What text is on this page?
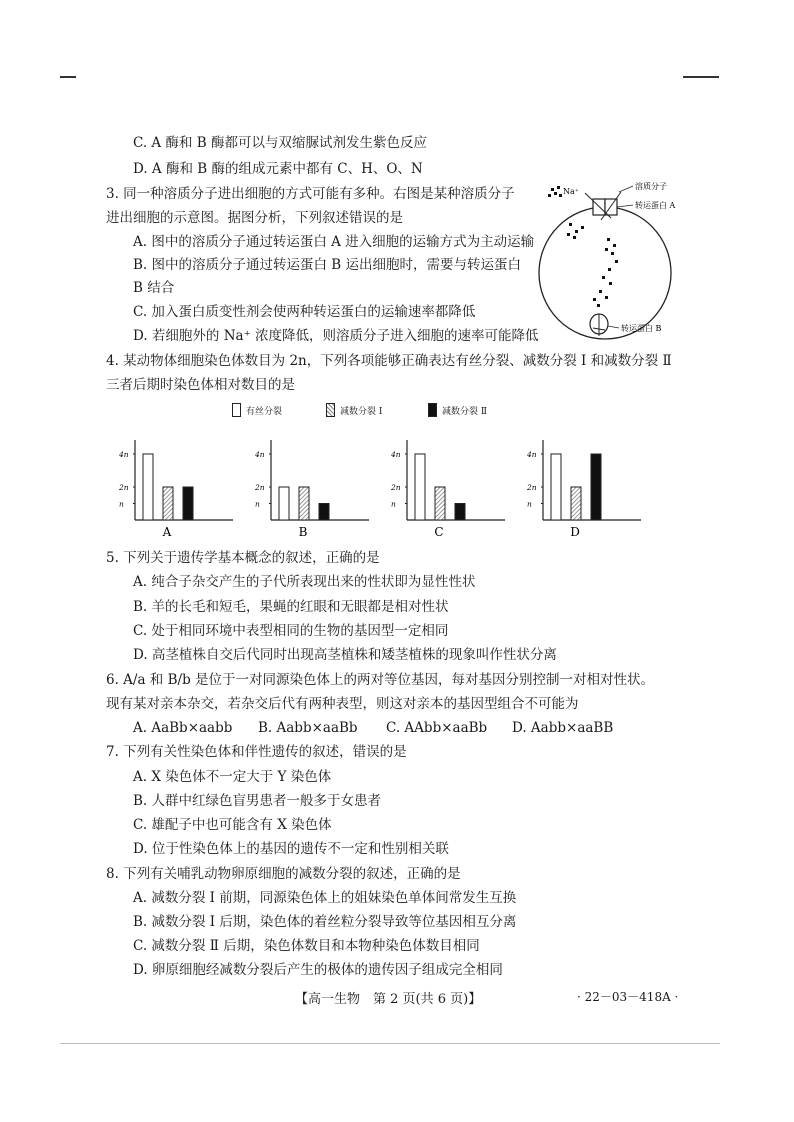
C. A 酶和 B 酶都可以与双缩脲试剂发生紫色反应
D. A 酶和 B 酶的组成元素中都有 C、H、O、N
3. 同一种溶质分子进出细胞的方式可能有多种。右图是某种溶质分子
进出细胞的示意图。据图分析，下列叙述错误的是
A. 图中的溶质分子通过转运蛋白 A 进入细胞的运输方式为主动运输
B. 图中的溶质分子通过转运蛋白 B 运出细胞时，需要与转运蛋白
B 结合
C. 加入蛋白质变性剂会使两种转运蛋白的运输速率都降低
D. 若细胞外的 Na⁺ 浓度降低，则溶质分子进入细胞的速率可能降低
Na⁺
溶质分子
转运蛋白 A
转运蛋白 B
4. 某动物体细胞染色体数目为 2n，下列各项能够正确表达有丝分裂、减数分裂 Ⅰ 和减数分裂 Ⅱ
三者后期时染色体相对数目的是
有丝分裂	减数分裂 Ⅰ	减数分裂 Ⅱ
4n
2n
n
A
4n
2n
n
B
4n
2n
n
C
4n
2n
n
D
5. 下列关于遗传学基本概念的叙述，正确的是
A. 纯合子杂交产生的子代所表现出来的性状即为显性性状
B. 羊的长毛和短毛，果蝇的红眼和无眼都是相对性状
C. 处于相同环境中表型相同的生物的基因型一定相同
D. 高茎植株自交后代同时出现高茎植株和矮茎植株的现象叫作性状分离
6. A/a 和 B/b 是位于一对同源染色体上的两对等位基因，每对基因分别控制一对相对性状。
现有某对亲本杂交，若杂交后代有两种表型，则这对亲本的基因型组合不可能为
A. AaBb×aabb B. Aabb×aaBb C. AAbb×aaBb D. Aabb×aaBB
7. 下列有关性染色体和伴性遗传的叙述，错误的是
A. X 染色体不一定大于 Y 染色体
B. 人群中红绿色盲男患者一般多于女患者
C. 雄配子中也可能含有 X 染色体
D. 位于性染色体上的基因的遗传不一定和性别相关联
8. 下列有关哺乳动物卵原细胞的减数分裂的叙述，正确的是
A. 减数分裂 Ⅰ 前期，同源染色体上的姐妹染色单体间常发生互换
B. 减数分裂 Ⅰ 后期，染色体的着丝粒分裂导致等位基因相互分离
C. 减数分裂 Ⅱ 后期，染色体数目和本物种染色体数目相同
D. 卵原细胞经减数分裂后产生的极体的遗传因子组成完全相同
【高一生物　第 2 页(共 6 页)】	· 22－03－418A ·
